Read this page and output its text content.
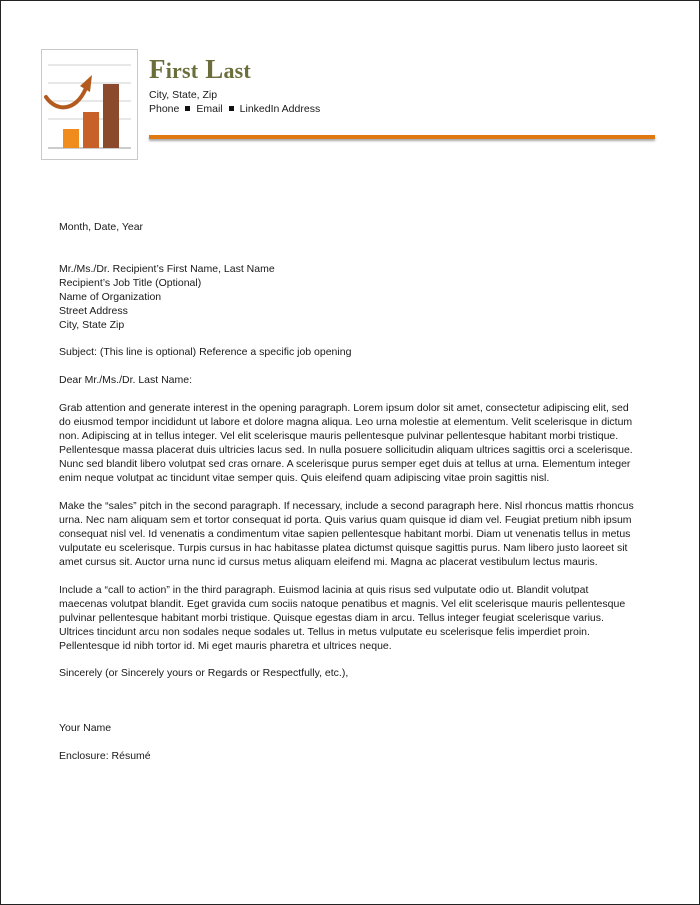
First Last
City, State, Zip
Phone Email LinkedIn Address
Month, Date, Year
Mr./Ms./Dr. Recipient’s First Name, Last Name
Recipient’s Job Title (Optional)
Name of Organization
Street Address
City, State Zip
Subject: (This line is optional) Reference a specific job opening
Dear Mr./Ms./Dr. Last Name:
Grab attention and generate interest in the opening paragraph. Lorem ipsum dolor sit amet, consectetur adipiscing elit, sed
do eiusmod tempor incididunt ut labore et dolore magna aliqua. Leo urna molestie at elementum. Velit scelerisque in dictum
non. Adipiscing at in tellus integer. Vel elit scelerisque mauris pellentesque pulvinar pellentesque habitant morbi tristique.
Pellentesque massa placerat duis ultricies lacus sed. In nulla posuere sollicitudin aliquam ultrices sagittis orci a scelerisque.
Nunc sed blandit libero volutpat sed cras ornare. A scelerisque purus semper eget duis at tellus at urna. Elementum integer
enim neque volutpat ac tincidunt vitae semper quis. Quis eleifend quam adipiscing vitae proin sagittis nisl.
Make the “sales” pitch in the second paragraph. If necessary, include a second paragraph here. Nisl rhoncus mattis rhoncus
urna. Nec nam aliquam sem et tortor consequat id porta. Quis varius quam quisque id diam vel. Feugiat pretium nibh ipsum
consequat nisl vel. Id venenatis a condimentum vitae sapien pellentesque habitant morbi. Diam ut venenatis tellus in metus
vulputate eu scelerisque. Turpis cursus in hac habitasse platea dictumst quisque sagittis purus. Nam libero justo laoreet sit
amet cursus sit. Auctor urna nunc id cursus metus aliquam eleifend mi. Magna ac placerat vestibulum lectus mauris.
Include a “call to action” in the third paragraph. Euismod lacinia at quis risus sed vulputate odio ut. Blandit volutpat
maecenas volutpat blandit. Eget gravida cum sociis natoque penatibus et magnis. Vel elit scelerisque mauris pellentesque
pulvinar pellentesque habitant morbi tristique. Quisque egestas diam in arcu. Tellus integer feugiat scelerisque varius.
Ultrices tincidunt arcu non sodales neque sodales ut. Tellus in metus vulputate eu scelerisque felis imperdiet proin.
Pellentesque id nibh tortor id. Mi eget mauris pharetra et ultrices neque.
Sincerely (or Sincerely yours or Regards or Respectfully, etc.),
Your Name
Enclosure: Résumé
